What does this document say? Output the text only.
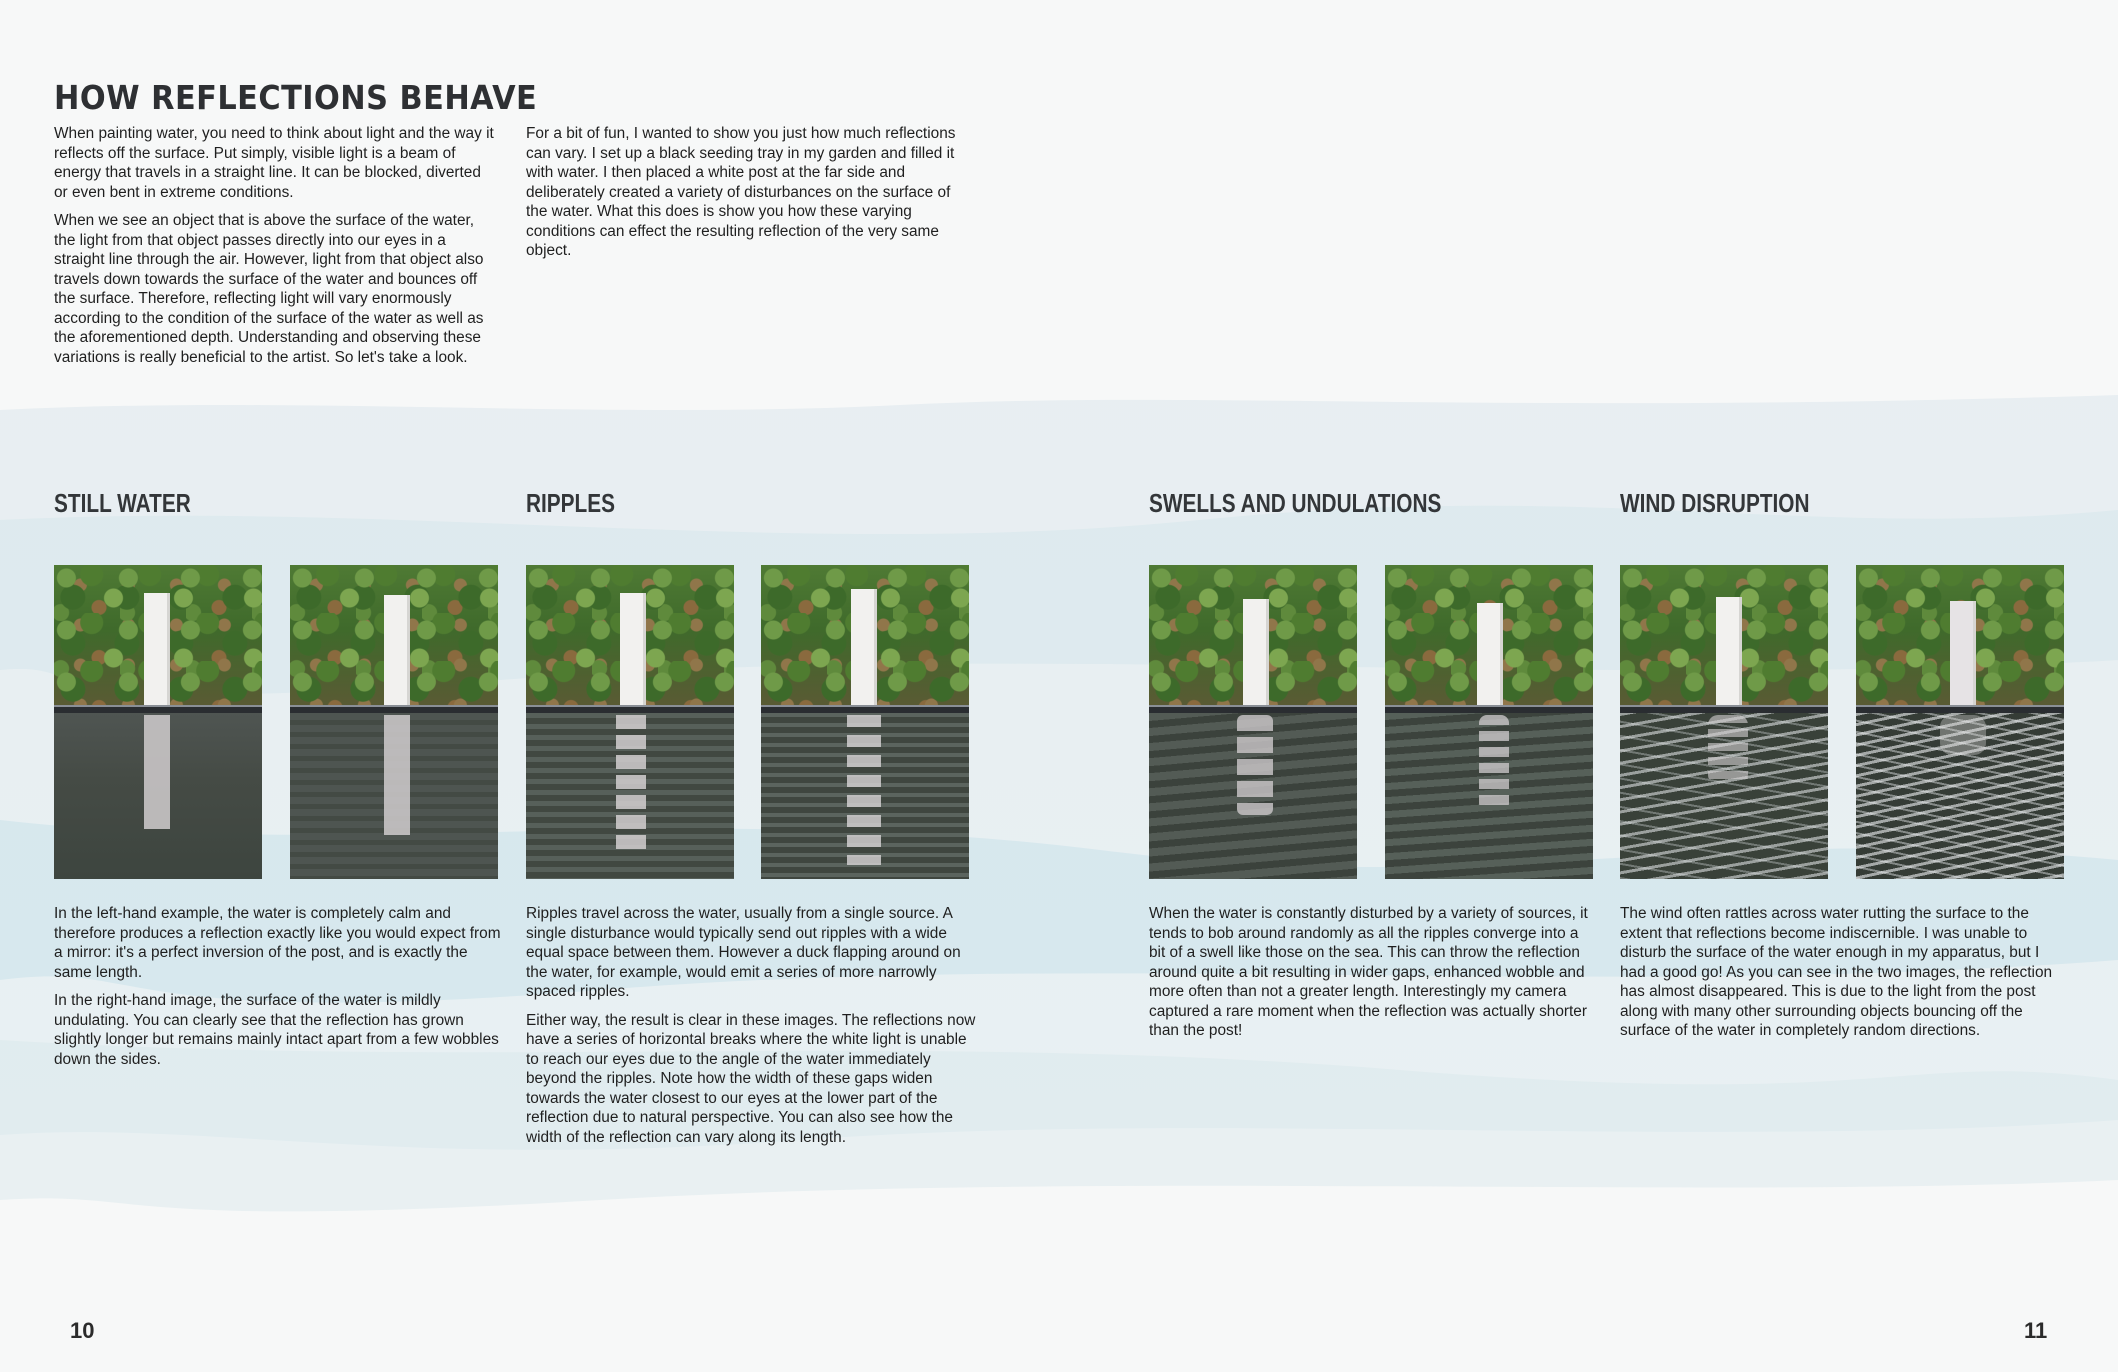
HOW REFLECTIONS BEHAVE

When painting water, you need to think about light and the way it reflects off the surface. Put simply, visible light is a beam of energy that travels in a straight line. It can be blocked, diverted or even bent in extreme conditions.

When we see an object that is above the surface of the water, the light from that object passes directly into our eyes in a straight line through the air. However, light from that object also travels down towards the surface of the water and bounces off the surface. Therefore, reflecting light will vary enormously according to the condition of the surface of the water as well as the aforementioned depth. Understanding and observing these variations is really beneficial to the artist. So let's take a look.

For a bit of fun, I wanted to show you just how much reflections can vary. I set up a black seeding tray in my garden and filled it with water. I then placed a white post at the far side and deliberately created a variety of disturbances on the surface of the water. What this does is show you how these varying conditions can effect the resulting reflection of the very same object.

STILL WATER	RIPPLES	SWELLS AND UNDULATIONS	WIND DISRUPTION

In the left-hand example, the water is completely calm and therefore produces a reflection exactly like you would expect from a mirror: it's a perfect inversion of the post, and is exactly the same length.

In the right-hand image, the surface of the water is mildly undulating. You can clearly see that the reflection has grown slightly longer but remains mainly intact apart from a few wobbles down the sides.

Ripples travel across the water, usually from a single source. A single disturbance would typically send out ripples with a wide equal space between them. However a duck flapping around on the water, for example, would emit a series of more narrowly spaced ripples.

Either way, the result is clear in these images. The reflections now have a series of horizontal breaks where the white light is unable to reach our eyes due to the angle of the water immediately beyond the ripples. Note how the width of these gaps widen towards the water closest to our eyes at the lower part of the reflection due to natural perspective. You can also see how the width of the reflection can vary along its length.

When the water is constantly disturbed by a variety of sources, it tends to bob around randomly as all the ripples converge into a bit of a swell like those on the sea. This can throw the reflection around quite a bit resulting in wider gaps, enhanced wobble and more often than not a greater length. Interestingly my camera captured a rare moment when the reflection was actually shorter than the post!

The wind often rattles across water rutting the surface to the extent that reflections become indiscernible. I was unable to disturb the surface of the water enough in my apparatus, but I had a good go! As you can see in the two images, the reflection has almost disappeared. This is due to the light from the post along with many other surrounding objects bouncing off the surface of the water in completely random directions.

10	11
